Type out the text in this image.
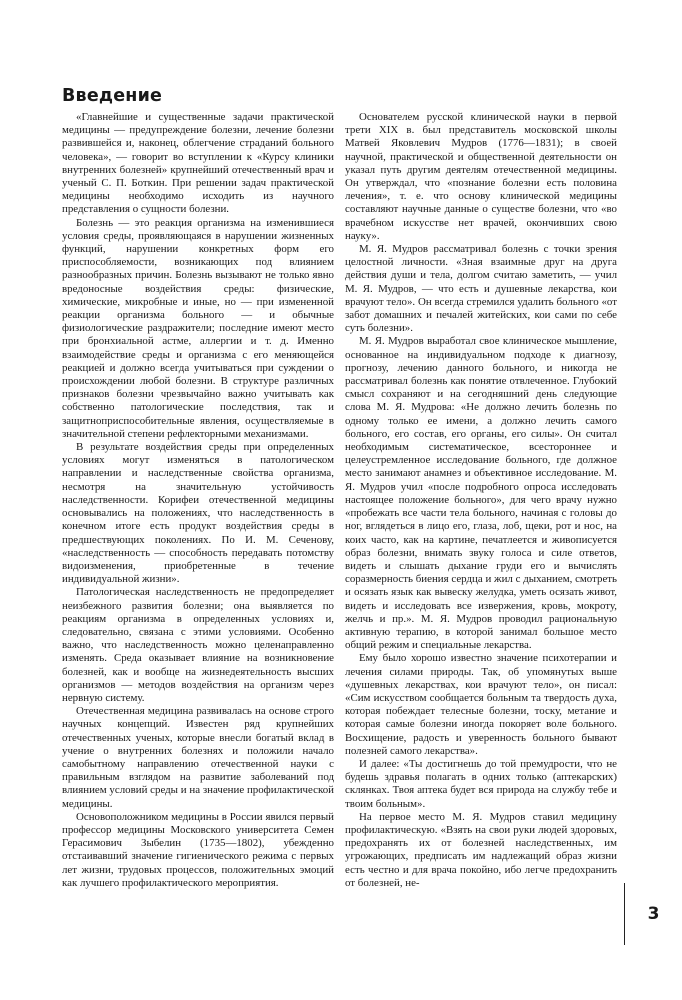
Введение

«Главнейшие и существенные задачи практической медицины — предупреждение болезни, лечение болезни развившейся и, наконец, облегчение страданий больного человека», — говорит во вступлении к «Курсу клиники внутренних болезней» крупнейший отечественный врач и ученый С. П. Боткин. При решении задач практической медицины необходимо исходить из научного представления о сущности болезни.

Болезнь — это реакция организма на изменившиеся условия среды, проявляющаяся в нарушении жизненных функций, нарушении конкретных форм его приспособляемости, возникающих под влиянием разнообразных причин. Болезнь вызывают не только явно вредоносные воздействия среды: физические, химические, микробные и иные, но — при измененной реакции организма больного — и обычные физиологические раздражители; последние имеют место при бронхиальной астме, аллергии и т. д. Именно взаимодействие среды и организма с его меняющейся реакцией и должно всегда учитываться при суждении о происхождении любой болезни. В структуре различных признаков болезни чрезвычайно важно учитывать как собственно патологические последствия, так и защитноприспособительные явления, осуществляемые в значительной степени рефлекторными механизмами.

В результате воздействия среды при определенных условиях могут изменяться в патологическом направлении и наследственные свойства организма, несмотря на значительную устойчивость наследственности. Корифеи отечественной медицины основывались на положениях, что наследственность в конечном итоге есть продукт воздействия среды в предшествующих поколениях. По И. М. Сеченову, «наследственность — способность передавать потомству видоизменения, приобретенные в течение индивидуальной жизни».

Патологическая наследственность не предопределяет неизбежного развития болезни; она выявляется по реакциям организма в определенных условиях и, следовательно, связана с этими условиями. Особенно важно, что наследственность можно целенаправленно изменять. Среда оказывает влияние на возникновение болезней, как и вообще на жизнедеятельность высших организмов — методов воздействия на организм через нервную систему.

Отечественная медицина развивалась на основе строго научных концепций. Известен ряд крупнейших отечественных ученых, которые внесли богатый вклад в учение о внутренних болезнях и положили начало самобытному направлению отечественной науки с правильным взглядом на развитие заболеваний под влиянием условий среды и на значение профилактической медицины.

Основоположником медицины в России явился первый профессор медицины Московского университета Семен Герасимович Зыбелин (1735—1802), убежденно отстаивавший значение гигиенического режима с первых лет жизни, трудовых процессов, положительных эмоций как лучшего профилактического мероприятия.

Основателем русской клинической науки в первой трети XIX в. был представитель московской школы Матвей Яковлевич Мудров (1776—1831); в своей научной, практической и общественной деятельности он указал путь другим деятелям отечественной медицины. Он утверждал, что «познание болезни есть половина лечения», т. е. что основу клинической медицины составляют научные данные о существе болезни, что «во врачебном искусстве нет врачей, окончивших свою науку».

М. Я. Мудров рассматривал болезнь с точки зрения целостной личности. «Зная взаимные друг на друга действия души и тела, долгом считаю заметить, — учил М. Я. Мудров, — что есть и душевные лекарства, кои врачуют тело». Он всегда стремился удалить больного «от забот домашних и печалей житейских, кои сами по себе суть болезни».

М. Я. Мудров выработал свое клиническое мышление, основанное на индивидуальном подходе к диагнозу, прогнозу, лечению данного больного, и никогда не рассматривал болезнь как понятие отвлеченное. Глубокий смысл сохраняют и на сегодняшний день следующие слова М. Я. Мудрова: «Не должно лечить болезнь по одному только ее имени, а должно лечить самого больного, его состав, его органы, его силы». Он считал необходимым систематическое, всестороннее и целеустремленное исследование больного, где должное место занимают анамнез и объективное исследование. М. Я. Мудров учил «после подробного опроса исследовать настоящее положение больного», для чего врачу нужно «пробежать все части тела больного, начиная с головы до ног, вглядеться в лицо его, глаза, лоб, щеки, рот и нос, на коих часто, как на картине, печатлеется и живописуется образ болезни, внимать звуку голоса и силе ответов, видеть и слышать дыхание груди его и вычислять соразмерность биения сердца и жил с дыханием, смотреть и осязать язык как вывеску желудка, уметь осязать живот, видеть и исследовать все извержения, кровь, мокроту, желчь и пр.». М. Я. Мудров проводил рациональную активную терапию, в которой занимал большое место общий режим и специальные лекарства.

Ему было хорошо известно значение психотерапии и лечения силами природы. Так, об упомянутых выше «душевных лекарствах, кои врачуют тело», он писал: «Сим искусством сообщается больным та твердость духа, которая побеждает телесные болезни, тоску, метание и которая самые болезни иногда покоряет воле больного. Восхищение, радость и уверенность больного бывают полезней самого лекарства».

И далее: «Ты достигнешь до той премудрости, что не будешь здравья полагать в одних только (аптекарских) склянках. Твоя аптека будет вся природа на службу тебе и твоим больным».

На первое место М. Я. Мудров ставил медицину профилактическую. «Взять на свои руки людей здоровых, предохранять их от болезней наследственных, им угрожающих, предписать им надлежащий образ жизни есть честно и для врача покойно, ибо легче предохранить от болезней, не-

3
